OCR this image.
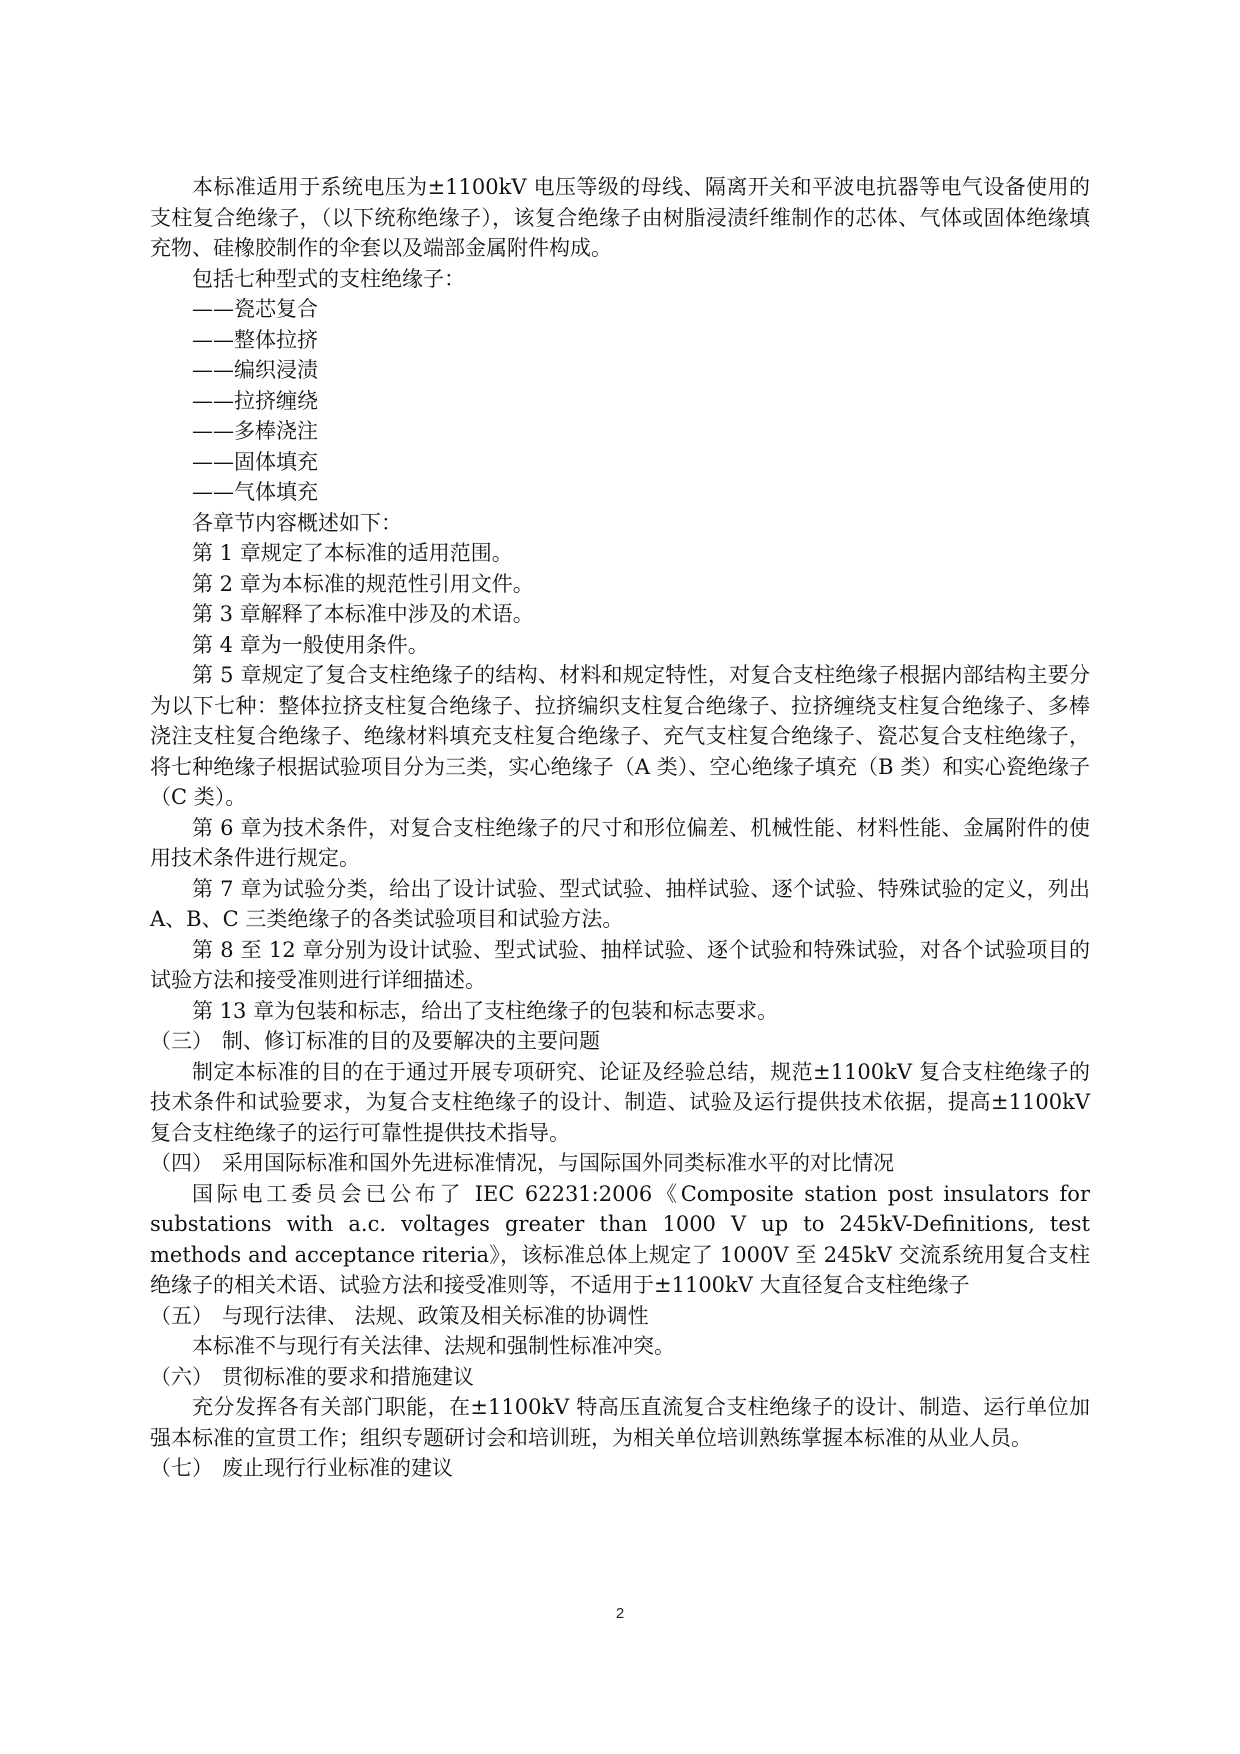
本标准适用于系统电压为±1100kV 电压等级的母线、隔离开关和平波电抗器等电气设备使用的支柱复合绝缘子，（以下统称绝缘子），该复合绝缘子由树脂浸渍纤维制作的芯体、气体或固体绝缘填充物、硅橡胶制作的伞套以及端部金属附件构成。

包括七种型式的支柱绝缘子：

——瓷芯复合

——整体拉挤

——编织浸渍

——拉挤缠绕

——多棒浇注

——固体填充

——气体填充

各章节内容概述如下：

第 1 章规定了本标准的适用范围。

第 2 章为本标准的规范性引用文件。

第 3 章解释了本标准中涉及的术语。

第 4 章为一般使用条件。

第 5 章规定了复合支柱绝缘子的结构、材料和规定特性，对复合支柱绝缘子根据内部结构主要分为以下七种：整体拉挤支柱复合绝缘子、拉挤编织支柱复合绝缘子、拉挤缠绕支柱复合绝缘子、多棒浇注支柱复合绝缘子、绝缘材料填充支柱复合绝缘子、充气支柱复合绝缘子、瓷芯复合支柱绝缘子，将七种绝缘子根据试验项目分为三类，实心绝缘子（A 类）、空心绝缘子填充（B 类）和实心瓷绝缘子（C 类）。

第 6 章为技术条件，对复合支柱绝缘子的尺寸和形位偏差、机械性能、材料性能、金属附件的使用技术条件进行规定。

第 7 章为试验分类，给出了设计试验、型式试验、抽样试验、逐个试验、特殊试验的定义，列出 A、B、C 三类绝缘子的各类试验项目和试验方法。

第 8 至 12 章分别为设计试验、型式试验、抽样试验、逐个试验和特殊试验，对各个试验项目的试验方法和接受准则进行详细描述。

第 13 章为包装和标志，给出了支柱绝缘子的包装和标志要求。

（三） 制、修订标准的目的及要解决的主要问题

制定本标准的目的在于通过开展专项研究、论证及经验总结，规范±1100kV 复合支柱绝缘子的技术条件和试验要求，为复合支柱绝缘子的设计、制造、试验及运行提供技术依据，提高±1100kV 复合支柱绝缘子的运行可靠性提供技术指导。

（四） 采用国际标准和国外先进标准情况，与国际国外同类标准水平的对比情况

国际电工委员会已公布了 IEC 62231:2006《Composite station post insulators for substations with a.c. voltages greater than 1000 V up to 245kV-Definitions, test methods and acceptance riteria》，该标准总体上规定了 1000V 至 245kV 交流系统用复合支柱绝缘子的相关术语、试验方法和接受准则等，不适用于±1100kV 大直径复合支柱绝缘子

（五） 与现行法律、 法规、政策及相关标准的协调性

本标准不与现行有关法律、法规和强制性标准冲突。

（六） 贯彻标准的要求和措施建议

充分发挥各有关部门职能，在±1100kV 特高压直流复合支柱绝缘子的设计、制造、运行单位加强本标准的宣贯工作；组织专题研讨会和培训班，为相关单位培训熟练掌握本标准的从业人员。

（七） 废止现行行业标准的建议
2
